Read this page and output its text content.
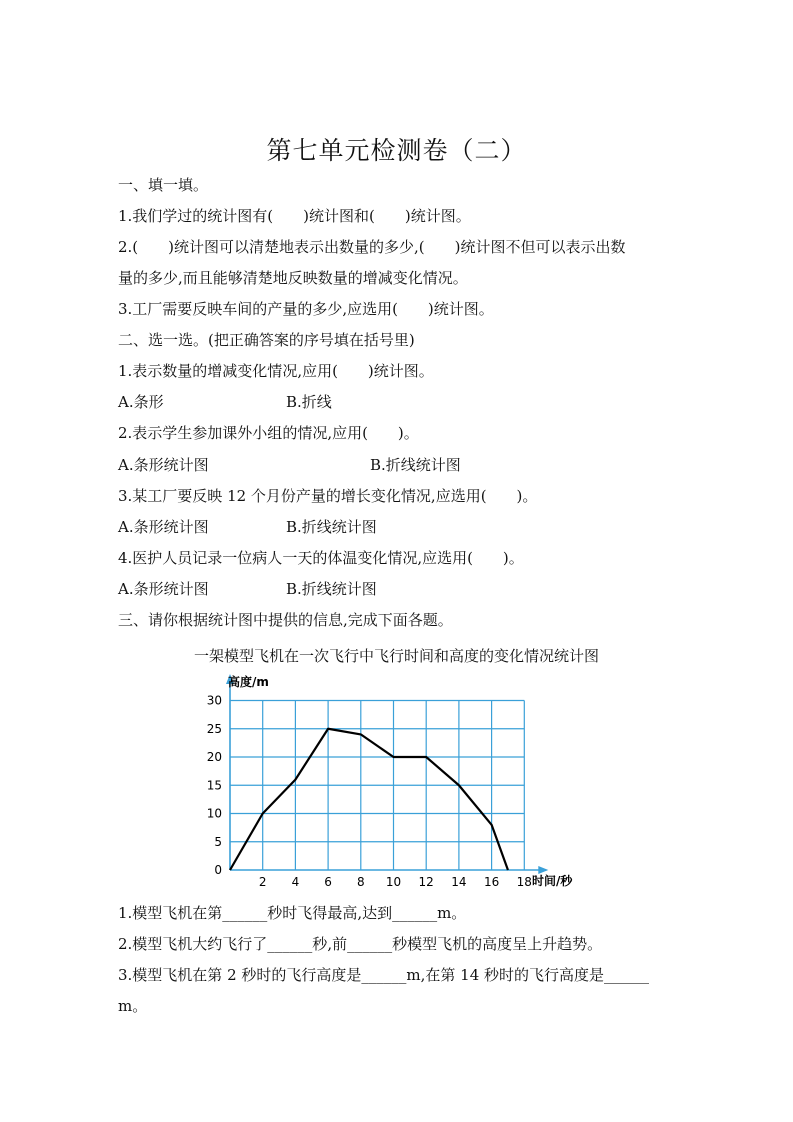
第七单元检测卷（二）
一、填一填。
1.我们学过的统计图有(　　)统计图和(　　)统计图。
2.(　　)统计图可以清楚地表示出数量的多少,(　　)统计图不但可以表示出数
量的多少,而且能够清楚地反映数量的增减变化情况。
3.工厂需要反映车间的产量的多少,应选用(　　)统计图。
二、选一选。(把正确答案的序号填在括号里)
1.表示数量的增减变化情况,应用(　　)统计图。
A.条形	B.折线
2.表示学生参加课外小组的情况,应用(　　)。
A.条形统计图	B.折线统计图
3.某工厂要反映 12 个月份产量的增长变化情况,应选用(　　)。
A.条形统计图	B.折线统计图
4.医护人员记录一位病人一天的体温变化情况,应选用(　　)。
A.条形统计图	B.折线统计图
三、请你根据统计图中提供的信息,完成下面各题。
一架模型飞机在一次飞行中飞行时间和高度的变化情况统计图
0
5
10
15
20
25
30
2 4 6 8 10 12 14 16 18
高度/m
时间/秒
1.模型飞机在第______秒时飞得最高,达到______m。
2.模型飞机大约飞行了______秒,前______秒模型飞机的高度呈上升趋势。
3.模型飞机在第 2 秒时的飞行高度是______m,在第 14 秒时的飞行高度是______
m。
